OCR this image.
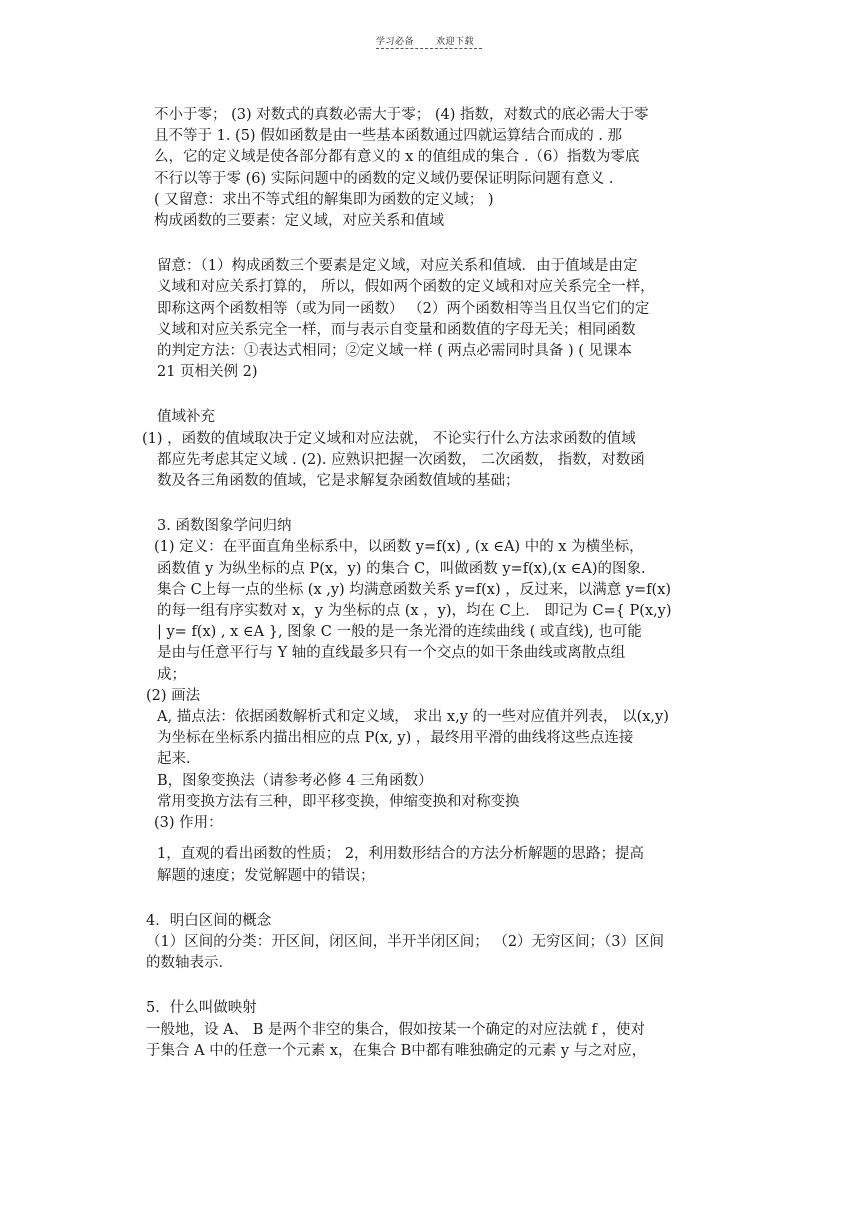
学习必备 欢迎下载
不小于零； (3) 对数式的真数必需大于零； (4) 指数，对数式的底必需大于零
且不等于 1. (5) 假如函数是由一些基本函数通过四就运算结合而成的 . 那
么，它的定义域是使各部分都有意义的 x 的值组成的集合 .（6）指数为零底
不行以等于零 (6) 实际问题中的函数的定义域仍要保证明际问题有意义 .
( 又留意：求出不等式组的解集即为函数的定义域； )
构成函数的三要素：定义域，对应关系和值域
留意：（1）构成函数三个要素是定义域，对应关系和值域．由于值域是由定
义域和对应关系打算的， 所以，假如两个函数的定义域和对应关系完全一样，
即称这两个函数相等（或为同一函数） （2）两个函数相等当且仅当它们的定
义域和对应关系完全一样，而与表示自变量和函数值的字母无关；相同函数
的判定方法：①表达式相同；②定义域一样 ( 两点必需同时具备 ) ( 见课本
21 页相关例 2)
值域补充
(1) ，函数的值域取决于定义域和对应法就， 不论实行什么方法求函数的值域
都应先考虑其定义域 . (2). 应熟识把握一次函数， 二次函数， 指数，对数函
数及各三角函数的值域，它是求解复杂函数值域的基础；
3. 函数图象学问归纳
(1) 定义：在平面直角坐标系中，以函数 y=f(x) , (x ∈A) 中的 x 为横坐标，
函数值 y 为纵坐标的点 P(x，y) 的集合 C，叫做函数 y=f(x),(x ∈A)的图象.
集合 C上每一点的坐标 (x ,y) 均满意函数关系 y=f(x) ，反过来，以满意 y=f(x)
的每一组有序实数对 x，y 为坐标的点 (x ，y)，均在 C上． 即记为 C={ P(x,y)
| y= f(x) , x ∈A }, 图象 C 一般的是一条光滑的连续曲线 ( 或直线), 也可能
是由与任意平行与 Y 轴的直线最多只有一个交点的如干条曲线或离散点组
成；
(2) 画法
A, 描点法：依据函数解析式和定义域， 求出 x,y 的一些对应值并列表， 以(x,y)
为坐标在坐标系内描出相应的点 P(x, y) ，最终用平滑的曲线将这些点连接
起来.
B，图象变换法（请参考必修 4 三角函数）
常用变换方法有三种，即平移变换，伸缩变换和对称变换
(3) 作用：
1，直观的看出函数的性质； 2，利用数形结合的方法分析解题的思路；提高
解题的速度；发觉解题中的错误；
4．明白区间的概念
（1）区间的分类：开区间，闭区间，半开半闭区间； （2）无穷区间；（3）区间
的数轴表示．
5．什么叫做映射
一般地，设 A、 B 是两个非空的集合，假如按某一个确定的对应法就 f ，使对
于集合 A 中的任意一个元素 x，在集合 B中都有唯独确定的元素 y 与之对应，
